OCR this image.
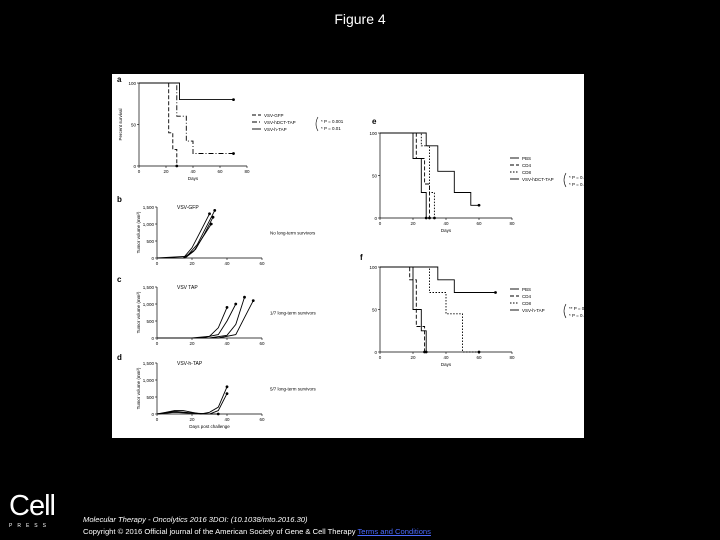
Figure 4
a 100
50
0
0	20	40	60	80
Percent survival
Days
VSV-GFP
VSV-hDCT-TAP
VSV-h-TAP
* P = 0.001
* P = 0.01
b
1,500
1,000
500
0
0	20	40	60
Tumor volume (mm³)
VSV-GFP
No long-term survivors
c
1,500
1,000
500
0
0	20	40	60
Tumor volume (mm³)
VSV TAP
1/7 long-term survivors
d
1,500
1,000
500
0
0	20	40	60
Tumor volume (mm³)
Days post challenge
VSV-h-TAP
5/7 long-term survivors
e
100
50
0
0	20	40	60	80
Days
PBS
CD4
CD8
VSV-hDCT-TAP	* P = 0.02
* P = 0.0014
f
100
50
0
0	20	40	60	80
Days
PBS
CD4
CD8
VSV-h-TAP	** P = 0.002
* P = 0.01
Cell
PRESS
Molecular Therapy - Oncolytics 2016 3DOI: (10.1038/mto.2016.30)
Copyright © 2016 Official journal of the American Society of Gene & Cell Therapy Terms and Conditions
